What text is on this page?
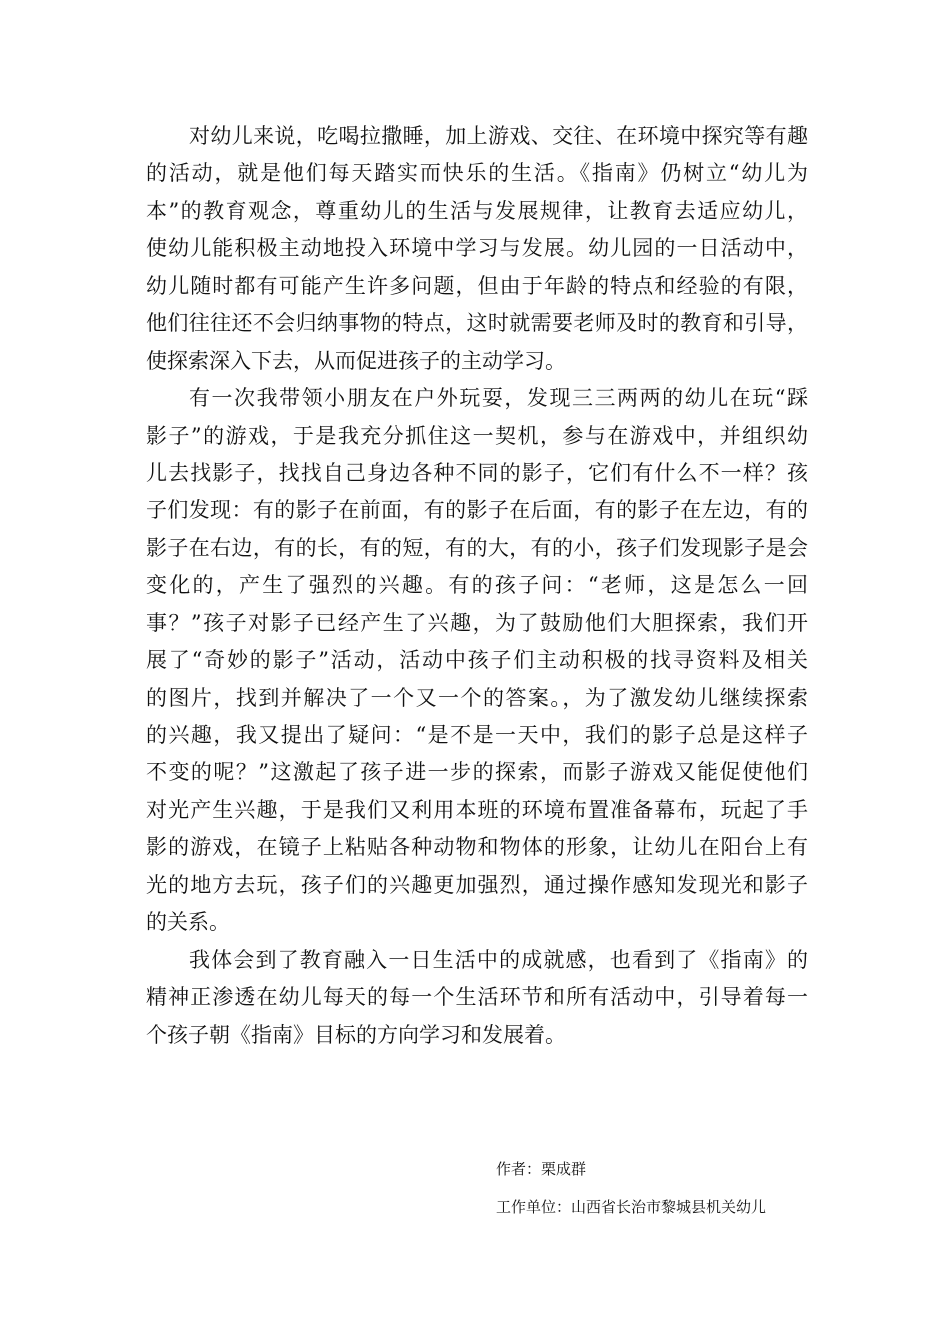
对幼儿来说，吃喝拉撒睡，加上游戏、交往、在环境中探究等有趣
的活动，就是他们每天踏实而快乐的生活。《指南》仍树立“幼儿为
本”的教育观念，尊重幼儿的生活与发展规律，让教育去适应幼儿，
使幼儿能积极主动地投入环境中学习与发展。幼儿园的一日活动中，
幼儿随时都有可能产生许多问题，但由于年龄的特点和经验的有限，
他们往往还不会归纳事物的特点，这时就需要老师及时的教育和引导，
使探索深入下去，从而促进孩子的主动学习。
有一次我带领小朋友在户外玩耍，发现三三两两的幼儿在玩“踩
影子”的游戏，于是我充分抓住这一契机，参与在游戏中，并组织幼
儿去找影子，找找自己身边各种不同的影子，它们有什么不一样？孩
子们发现：有的影子在前面，有的影子在后面，有的影子在左边，有的
影子在右边，有的长，有的短，有的大，有的小，孩子们发现影子是会
变化的，产生了强烈的兴趣。有的孩子问：“老师，这是怎么一回
事？”孩子对影子已经产生了兴趣，为了鼓励他们大胆探索，我们开
展了“奇妙的影子”活动，活动中孩子们主动积极的找寻资料及相关
的图片，找到并解决了一个又一个的答案。，为了激发幼儿继续探索
的兴趣，我又提出了疑问：“是不是一天中，我们的影子总是这样子
不变的呢？”这激起了孩子进一步的探索，而影子游戏又能促使他们
对光产生兴趣，于是我们又利用本班的环境布置准备幕布，玩起了手
影的游戏，在镜子上粘贴各种动物和物体的形象，让幼儿在阳台上有
光的地方去玩，孩子们的兴趣更加强烈，通过操作感知发现光和影子
的关系。
我体会到了教育融入一日生活中的成就感，也看到了《指南》的
精神正渗透在幼儿每天的每一个生活环节和所有活动中，引导着每一
个孩子朝《指南》目标的方向学习和发展着。
作者：栗成群
工作单位：山西省长治市黎城县机关幼儿
